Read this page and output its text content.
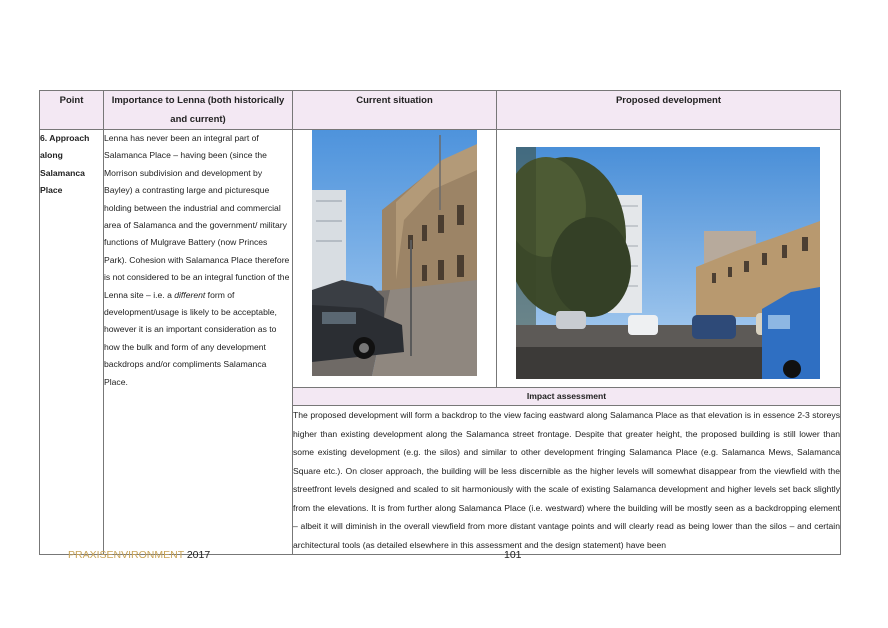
Point	Importance to Lenna (both historically and current)	Current situation	Proposed development
6. Approach along Salamanca Place	Lenna has never been an integral part of Salamanca Place – having been (since the Morrison subdivision and development by Bayley) a contrasting large and picturesque holding between the industrial and commercial area of Salamanca and the government/ military functions of Mulgrave Battery (now Princes Park). Cohesion with Salamanca Place therefore is not considered to be an integral function of the Lenna site – i.e. a different form of development/usage is likely to be acceptable, however it is an important consideration as to how the bulk and form of any development backdrops and/or compliments Salamanca Place.	

		Impact assessment	
		The proposed development will form a backdrop to the view facing eastward along Salamanca Place as that elevation is in essence 2-3 storeys higher than existing development along the Salamanca street frontage. Despite that greater height, the proposed building is still lower than some existing development (e.g. the silos) and similar to other development fringing Salamanca Place (e.g. Salamanca Mews, Salamanca Square etc.). On closer approach, the building will be less discernible as the higher levels will somewhat disappear from the viewfield with the streetfront levels designed and scaled to sit harmoniously with the scale of existing Salamanca development and higher levels set back slightly from the elevations. It is from further along Salamanca Place (i.e. westward) where the building will be mostly seen as a backdropping element – albeit it will diminish in the overall viewfield from more distant vantage points and will clearly read as being lower than the silos – and certain architectural tools (as detailed elsewhere in this assessment and the design statement) have been	
PRAXISENVIRONMENT 2017	101
